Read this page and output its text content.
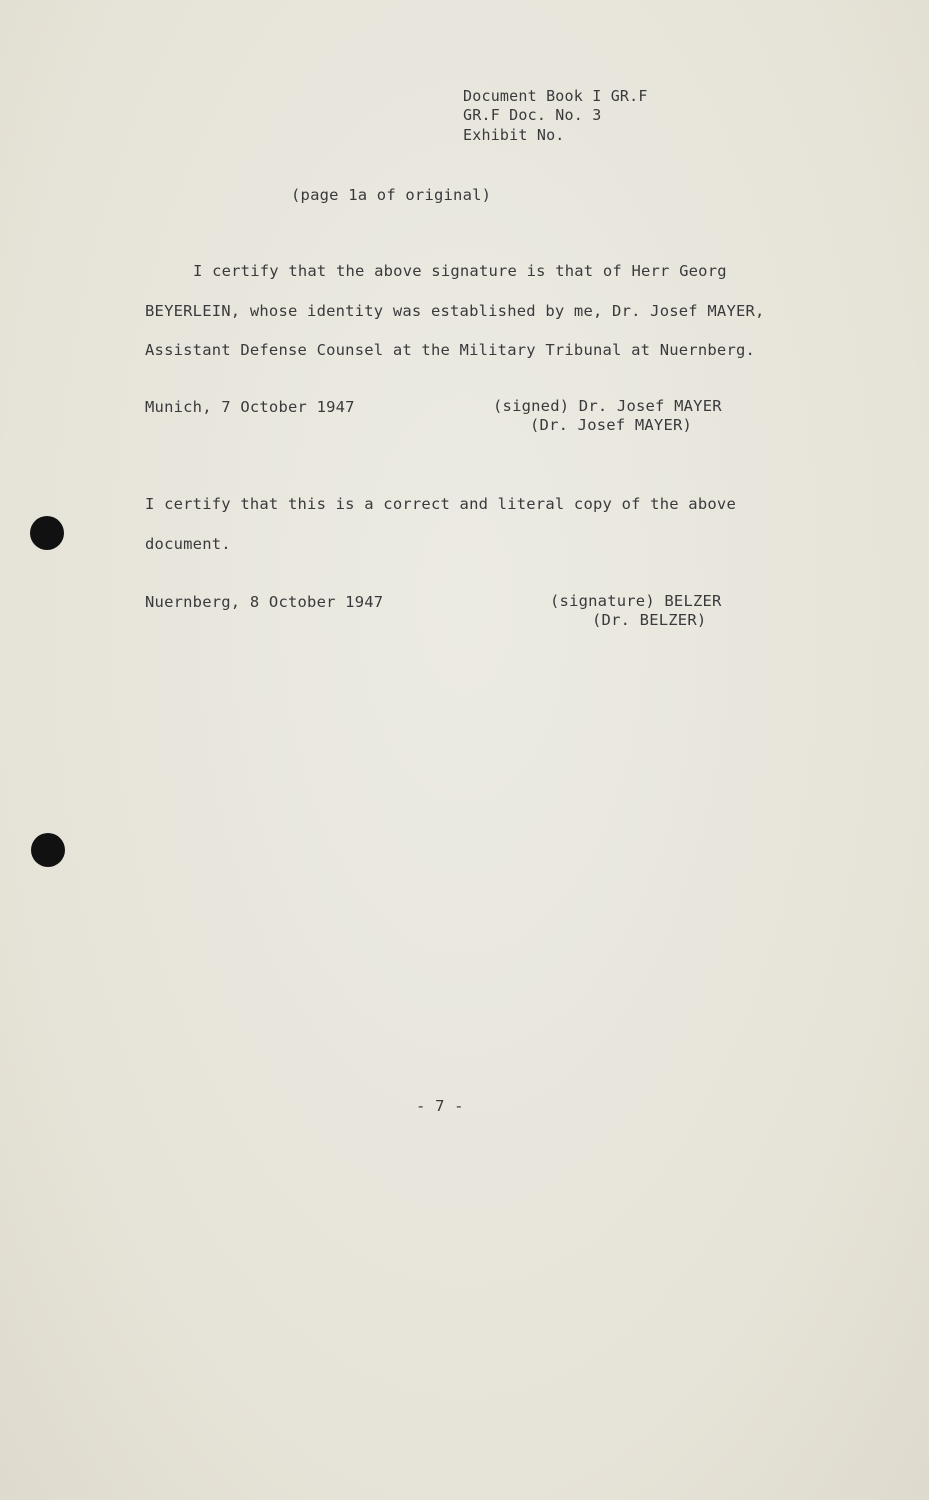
Document Book I GR.F
GR.F Doc. No. 3
Exhibit No.
(page 1a of original)
I certify that the above signature is that of Herr Georg
BEYERLEIN, whose identity was established by me, Dr. Josef MAYER,
Assistant Defense Counsel at the Military Tribunal at Nuernberg.
Munich, 7 October 1947	(signed) Dr. Josef MAYER
(Dr. Josef MAYER)
I certify that this is a correct and literal copy of the above
document.
Nuernberg, 8 October 1947	(signature) BELZER
(Dr. BELZER)
- 7 -
